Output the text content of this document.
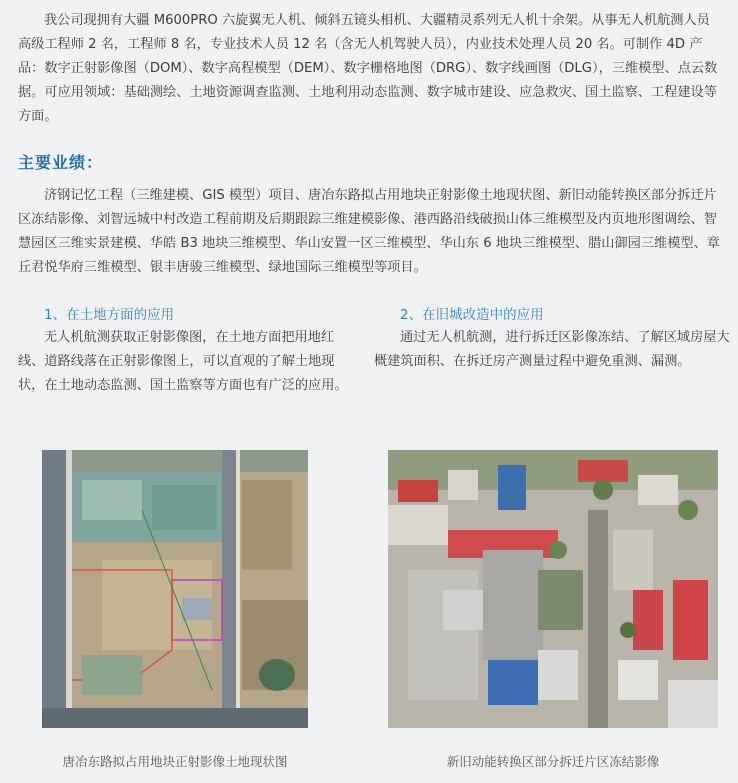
我公司现拥有大疆 M600PRO 六旋翼无人机、倾斜五镜头相机、大疆精灵系列无人机十余架。从事无人机航测人员高级工程师 2 名，工程师 8 名，专业技术人员 12 名（含无人机驾驶人员），内业技术处理人员 20 名。可制作 4D 产品：数字正射影像图（DOM）、数字高程模型（DEM）、数字栅格地图（DRG）、数字线画图（DLG），三维模型、点云数据。可应用领域：基础测绘、土地资源调查监测、土地利用动态监测、数字城市建设、应急救灾、国土监察、工程建设等方面。

主要业绩：

济钢记忆工程（三维建模、GIS 模型）项目、唐冶东路拟占用地块正射影像土地现状图、新旧动能转换区部分拆迁片区冻结影像、刘智远城中村改造工程前期及后期跟踪三维建模影像、港西路沿线破损山体三维模型及内页地形图调绘、智慧园区三维实景建模、华皓 B3 地块三维模型、华山安置一区三维模型、华山东 6 地块三维模型、腊山御园三维模型、章丘君悦华府三维模型、银丰唐骏三维模型、绿地国际三维模型等项目。

1、在土地方面的应用

无人机航测获取正射影像图，在土地方面把用地红线、道路线落在正射影像图上，可以直观的了解土地现状，在土地动态监测、国土监察等方面也有广泛的应用。

2、在旧城改造中的应用

通过无人机航测，进行拆迁区影像冻结、了解区域房屋大概建筑面积、在拆迁房产测量过程中避免重测、漏测。

唐冶东路拟占用地块正射影像土地现状图	新旧动能转换区部分拆迁片区冻结影像
